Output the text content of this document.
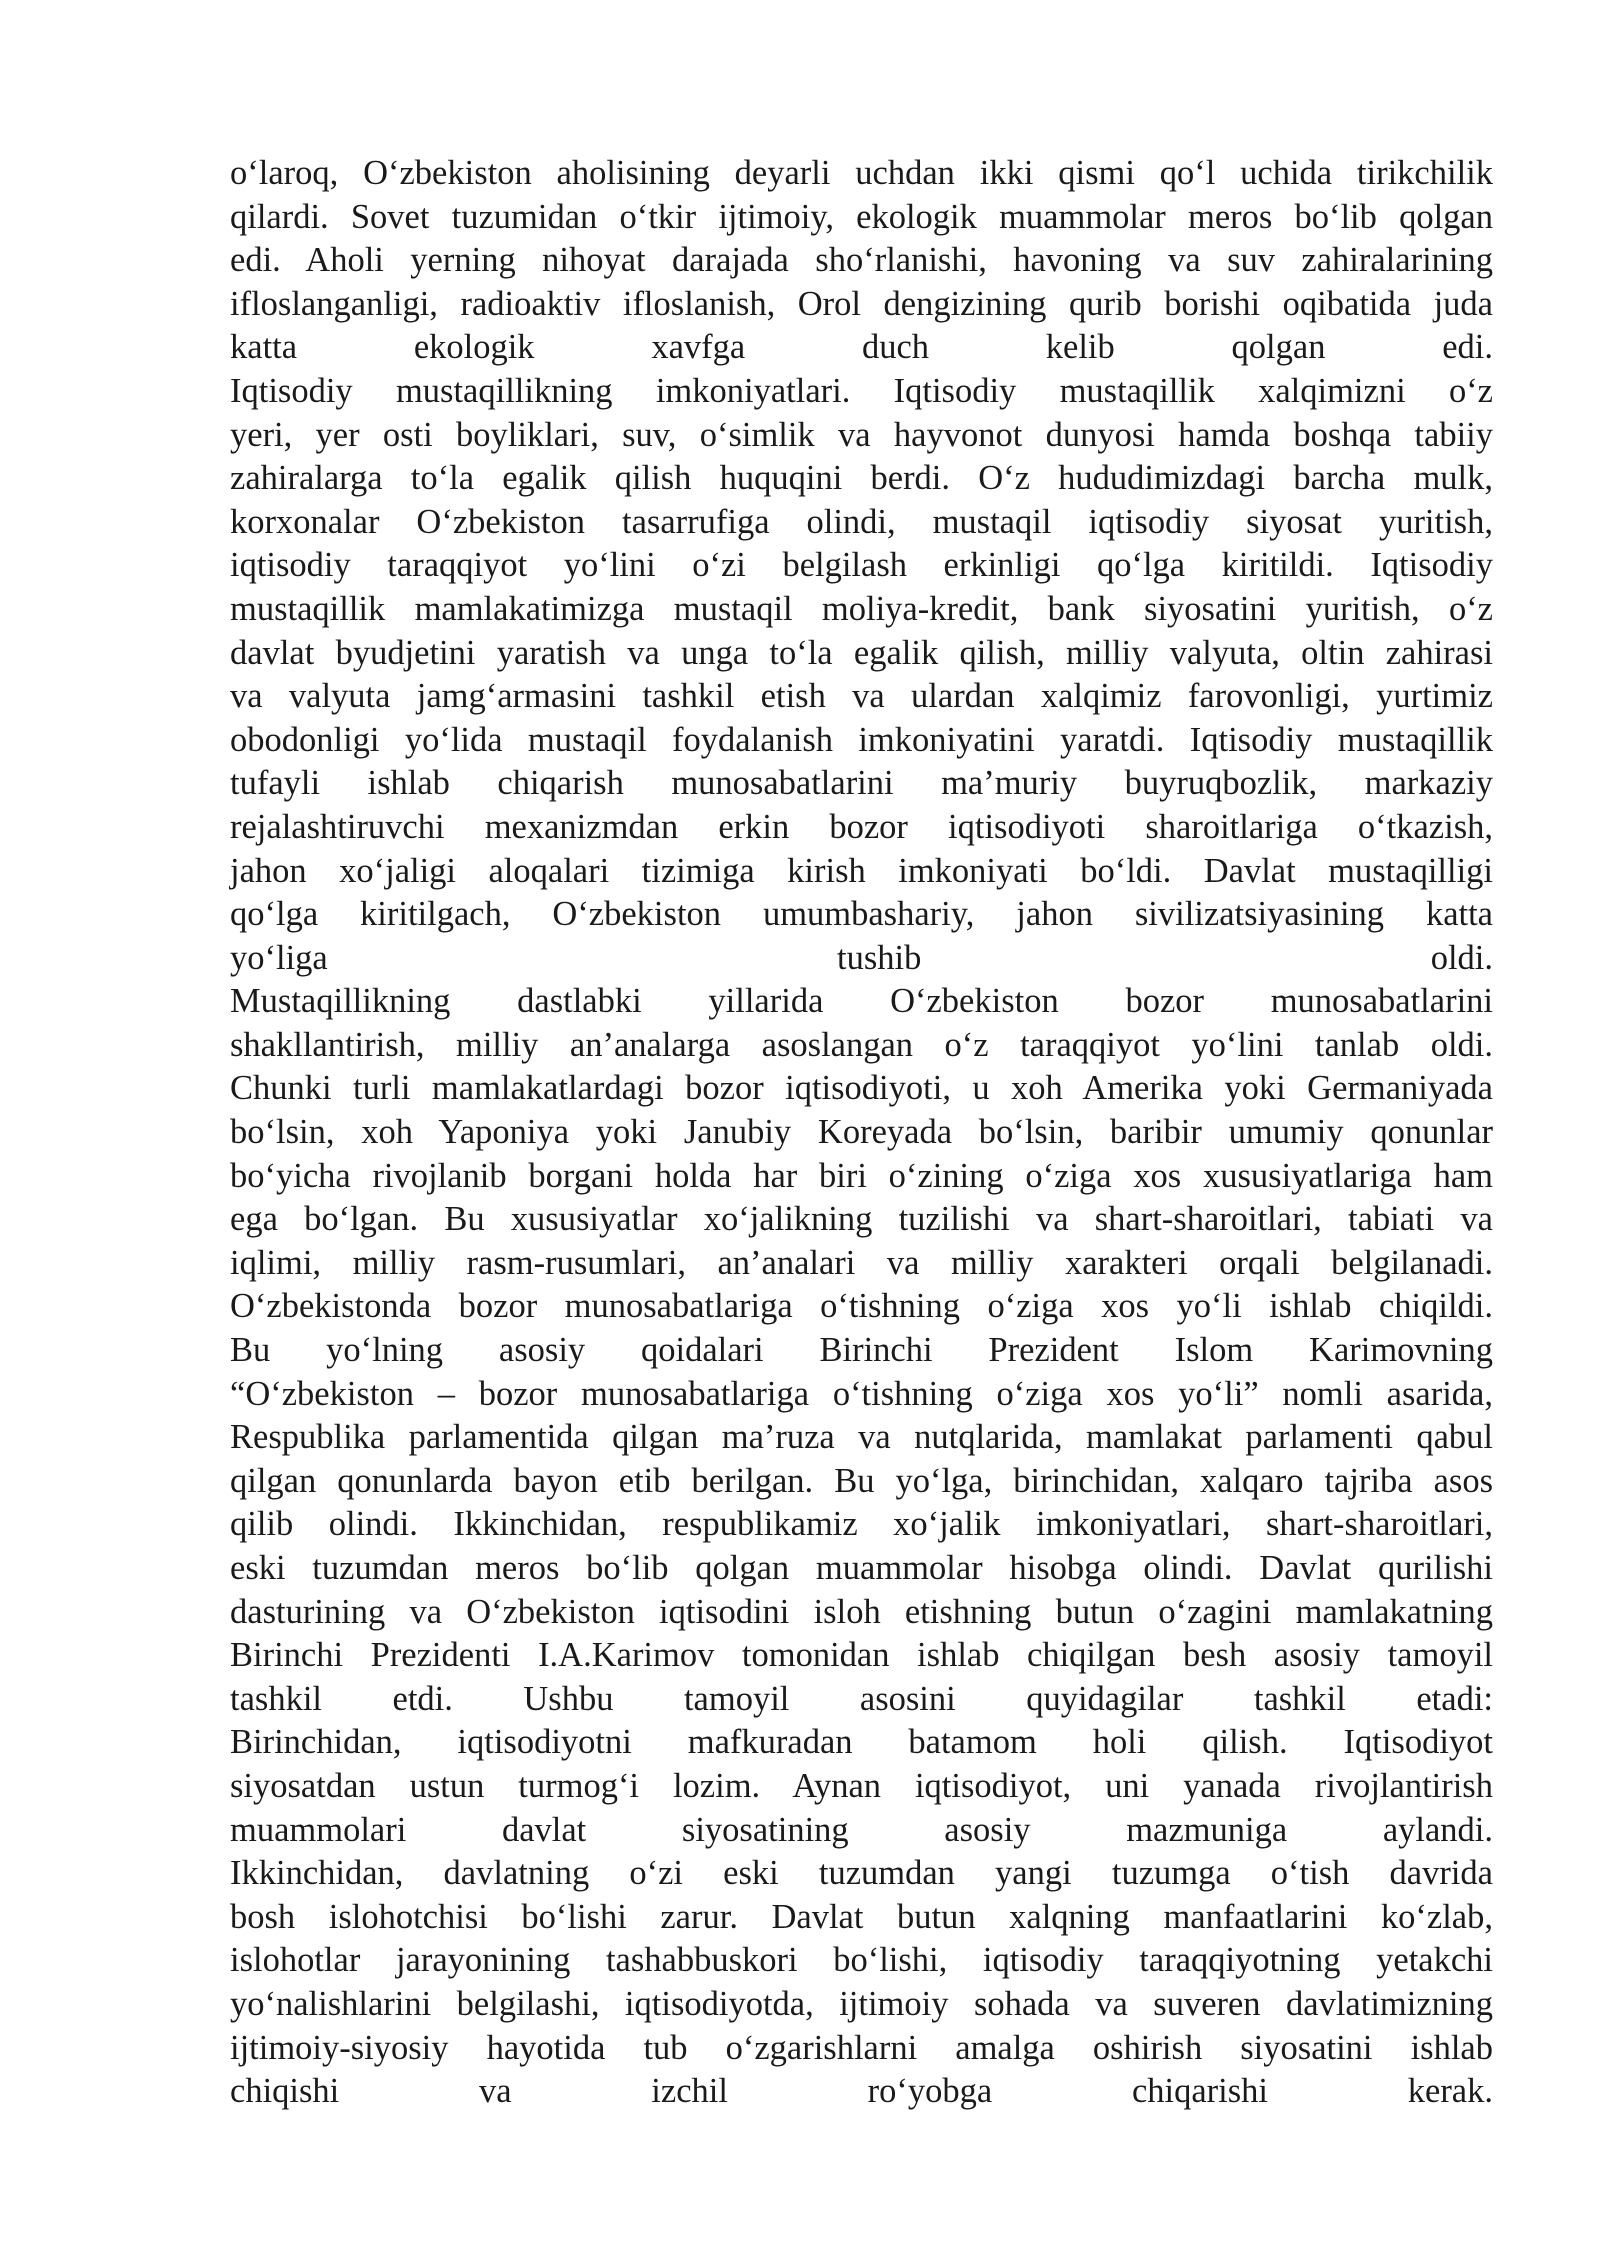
o‘laroq, O‘zbekiston aholisining deyarli uchdan ikki qismi qo‘l uchida tirikchilik
qilardi. Sovet tuzumidan o‘tkir ijtimoiy, ekologik muammolar meros bo‘lib qolgan
edi. Aholi yerning nihoyat darajada sho‘rlanishi, havoning va suv zahiralarining
ifloslanganligi, radioaktiv ifloslanish, Orol dengizining qurib borishi oqibatida juda
katta ekologik xavfga duch kelib qolgan edi.
Iqtisodiy mustaqillikning imkoniyatlari. Iqtisodiy mustaqillik xalqimizni o‘z
yeri, yer osti boyliklari, suv, o‘simlik va hayvonot dunyosi hamda boshqa tabiiy
zahiralarga to‘la egalik qilish huquqini berdi. O‘z hududimizdagi barcha mulk,
korxonalar O‘zbekiston tasarrufiga olindi, mustaqil iqtisodiy siyosat yuritish,
iqtisodiy taraqqiyot yo‘lini o‘zi belgilash erkinligi qo‘lga kiritildi. Iqtisodiy
mustaqillik mamlakatimizga mustaqil moliya-kredit, bank siyosatini yuritish, o‘z
davlat byudjetini yaratish va unga to‘la egalik qilish, milliy valyuta, oltin zahirasi
va valyuta jamg‘armasini tashkil etish va ulardan xalqimiz farovonligi, yurtimiz
obodonligi yo‘lida mustaqil foydalanish imkoniyatini yaratdi. Iqtisodiy mustaqillik
tufayli ishlab chiqarish munosabatlarini ma’muriy buyruqbozlik, markaziy
rejalashtiruvchi mexanizmdan erkin bozor iqtisodiyoti sharoitlariga o‘tkazish,
jahon xo‘jaligi aloqalari tizimiga kirish imkoniyati bo‘ldi. Davlat mustaqilligi
qo‘lga kiritilgach, O‘zbekiston umumbashariy, jahon sivilizatsiyasining katta
yo‘liga tushib oldi.
Mustaqillikning dastlabki yillarida O‘zbekiston bozor munosabatlarini
shakllantirish, milliy an’analarga asoslangan o‘z taraqqiyot yo‘lini tanlab oldi.
Chunki turli mamlakatlardagi bozor iqtisodiyoti, u xoh Amerika yoki Germaniyada
bo‘lsin, xoh Yaponiya yoki Janubiy Koreyada bo‘lsin, baribir umumiy qonunlar
bo‘yicha rivojlanib borgani holda har biri o‘zining o‘ziga xos xususiyatlariga ham
ega bo‘lgan. Bu xususiyatlar xo‘jalikning tuzilishi va shart-sharoitlari, tabiati va
iqlimi, milliy rasm-rusumlari, an’analari va milliy xarakteri orqali belgilanadi.
O‘zbekistonda bozor munosabatlariga o‘tishning o‘ziga xos yo‘li ishlab chiqildi.
Bu yo‘lning asosiy qoidalari Birinchi Prezident Islom Karimovning
“O‘zbekiston – bozor munosabatlariga o‘tishning o‘ziga xos yo‘li” nomli asarida,
Respublika parlamentida qilgan ma’ruza va nutqlarida, mamlakat parlamenti qabul
qilgan qonunlarda bayon etib berilgan. Bu yo‘lga, birinchidan, xalqaro tajriba asos
qilib olindi. Ikkinchidan, respublikamiz xo‘jalik imkoniyatlari, shart-sharoitlari,
eski tuzumdan meros bo‘lib qolgan muammolar hisobga olindi. Davlat qurilishi
dasturining va O‘zbekiston iqtisodini isloh etishning butun o‘zagini mamlakatning
Birinchi Prezidenti I.A.Karimov tomonidan ishlab chiqilgan besh asosiy tamoyil
tashkil etdi. Ushbu tamoyil asosini quyidagilar tashkil etadi:
Birinchidan, iqtisodiyotni mafkuradan batamom holi qilish. Iqtisodiyot
siyosatdan ustun turmog‘i lozim. Aynan iqtisodiyot, uni yanada rivojlantirish
muammolari davlat siyosatining asosiy mazmuniga aylandi.
Ikkinchidan, davlatning o‘zi eski tuzumdan yangi tuzumga o‘tish davrida
bosh islohotchisi bo‘lishi zarur. Davlat butun xalqning manfaatlarini ko‘zlab,
islohotlar jarayonining tashabbuskori bo‘lishi, iqtisodiy taraqqiyotning yetakchi
yo‘nalishlarini belgilashi, iqtisodiyotda, ijtimoiy sohada va suveren davlatimizning
ijtimoiy-siyosiy hayotida tub o‘zgarishlarni amalga oshirish siyosatini ishlab
chiqishi va izchil ro‘yobga chiqarishi kerak.
